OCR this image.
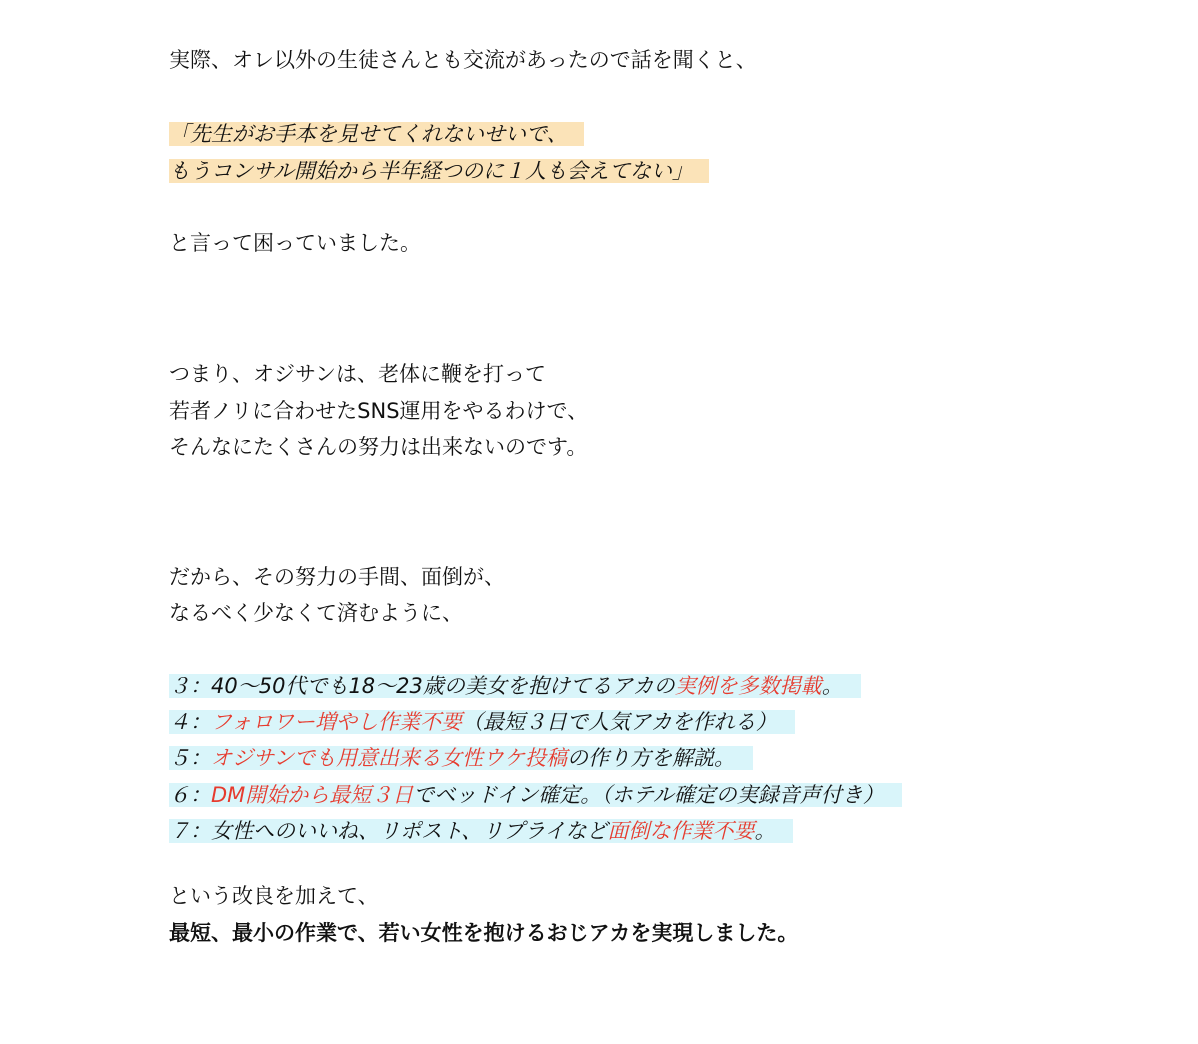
実際、オレ以外の生徒さんとも交流があったので話を聞くと、
「先生がお手本を見せてくれないせいで、
もうコンサル開始から半年経つのに１人も会えてない」
と言って困っていました。
つまり、オジサンは、老体に鞭を打って
若者ノリに合わせたSNS運用をやるわけで、
そんなにたくさんの努力は出来ないのです。
だから、その努力の手間、面倒が、
なるべく少なくて済むように、
３：40〜50代でも18〜23歳の美女を抱けてるアカの実例を多数掲載。
４：フォロワー増やし作業不要（最短３日で人気アカを作れる）
５：オジサンでも用意出来る女性ウケ投稿の作り方を解説。
６：DM開始から最短３日でベッドイン確定。（ホテル確定の実録音声付き）
７：女性へのいいね、リポスト、リプライなど面倒な作業不要。
という改良を加えて、
最短、最小の作業で、若い女性を抱けるおじアカを実現しました。
